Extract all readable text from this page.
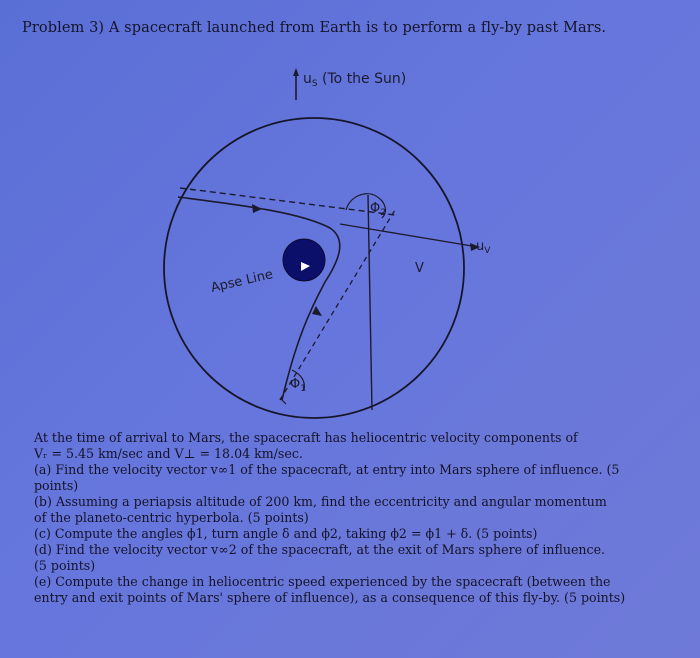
Problem 3) A spacecraft launched from Earth is to perform a fly-by past Mars.
$u_S$ (To the Sun)
$u_V$
V
$\Phi_2$
Apse Line
$\Phi_1$

At the time of arrival to Mars, the spacecraft has heliocentric velocity components of

Vᵣ = 5.45 km/sec and V⊥ = 18.04 km/sec.

(a) Find the velocity vector v∞1 of the spacecraft, at entry into Mars sphere of influence. (5

points)

(b) Assuming a periapsis altitude of 200 km, find the eccentricity and angular momentum

of the planeto-centric hyperbola. (5 points)

(c) Compute the angles ϕ1, turn angle δ and ϕ2, taking ϕ2 = ϕ1 + δ. (5 points)

(d) Find the velocity vector v∞2 of the spacecraft, at the exit of Mars sphere of influence.

(5 points)

(e) Compute the change in heliocentric speed experienced by the spacecraft (between the

entry and exit points of Mars' sphere of influence), as a consequence of this fly-by. (5 points)
